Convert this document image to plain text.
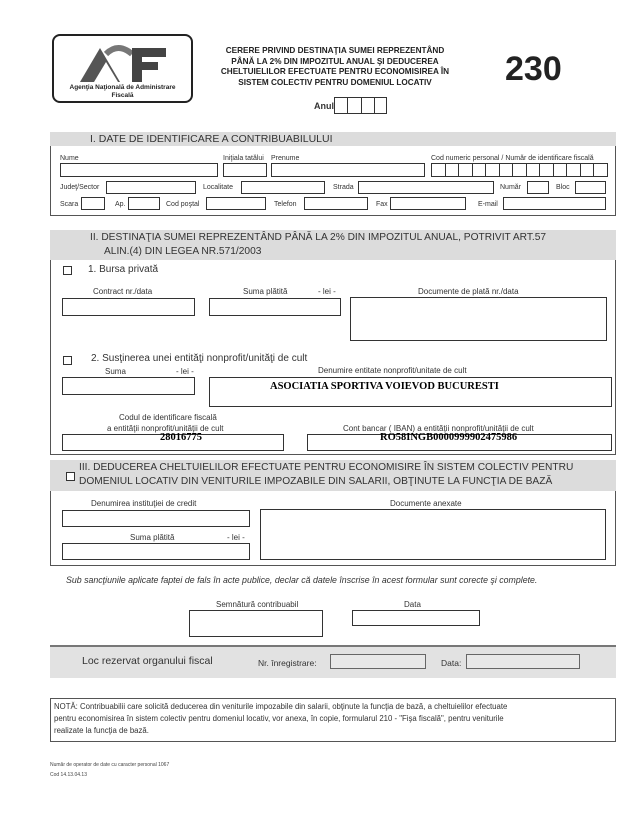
Agenţia Naţională de Administrare
Fiscală
CERERE PRIVIND DESTINAŢIA SUMEI REPREZENTÂND
PÂNĂ LA 2% DIN IMPOZITUL ANUAL ŞI DEDUCEREA
CHELTUIELILOR EFECTUATE PENTRU ECONOMISIREA ÎN
SISTEM COLECTIV PENTRU DOMENIUL LOCATIV	230
Anul
I. DATE DE IDENTIFICARE A CONTRIBUABILULUI
Nume	Iniţiala tatălui Prenume	Cod numeric personal / Număr de identificare fiscală
Judeţ/Sector	Localitate	Strada	Număr	Bloc
Scara	Ap.	Cod poştal	Telefon	Fax	E-mail
II. DESTINAŢIA SUMEI REPREZENTÂND PÂNĂ LA 2% DIN IMPOZITUL ANUAL, POTRIVIT ART.57
ALIN.(4) DIN LEGEA NR.571/2003
1. Bursa privată
Contract nr./data	Suma plătită	- lei -	Documente de plată nr./data
2. Susţinerea unei entităţi nonprofit/unităţi de cult
Suma	- lei -	Denumire entitate nonprofit/unitate de cult
ASOCIATIA SPORTIVA VOIEVOD BUCURESTI
Codul de identificare fiscală
a entităţii nonprofit/unităţii de cult	Cont bancar ( IBAN) a entităţii nonprofit/unităţii de cult
28016775	RO58INGB0000999902475986
III. DEDUCEREA CHELTUIELILOR EFECTUATE PENTRU ECONOMISIRE ÎN SISTEM COLECTIV PENTRU
DOMENIUL LOCATIV DIN VENITURILE IMPOZABILE DIN SALARII, OBŢINUTE LA FUNCŢIA DE BAZĂ
Denumirea instituţiei de credit	Documente anexate
Suma plătită	- lei -
Sub sancţiunile aplicate faptei de fals în acte publice, declar că datele înscrise în acest formular sunt corecte şi complete.
Semnătură contribuabil	Data
Loc rezervat organului fiscal	Nr. înregistrare:	Data:
NOTĂ: Contribuabilii care solicită deducerea din veniturile impozabile din salarii, obţinute la funcţia de bază, a cheltuielilor efectuate
pentru economisirea în sistem colectiv pentru domeniul locativ, vor anexa, în copie, formularul 210 - "Fişa fiscală", pentru veniturile
realizate la funcţia de bază.
Număr de operator de date cu caracter personal 1067
Cod 14.13.04.13
